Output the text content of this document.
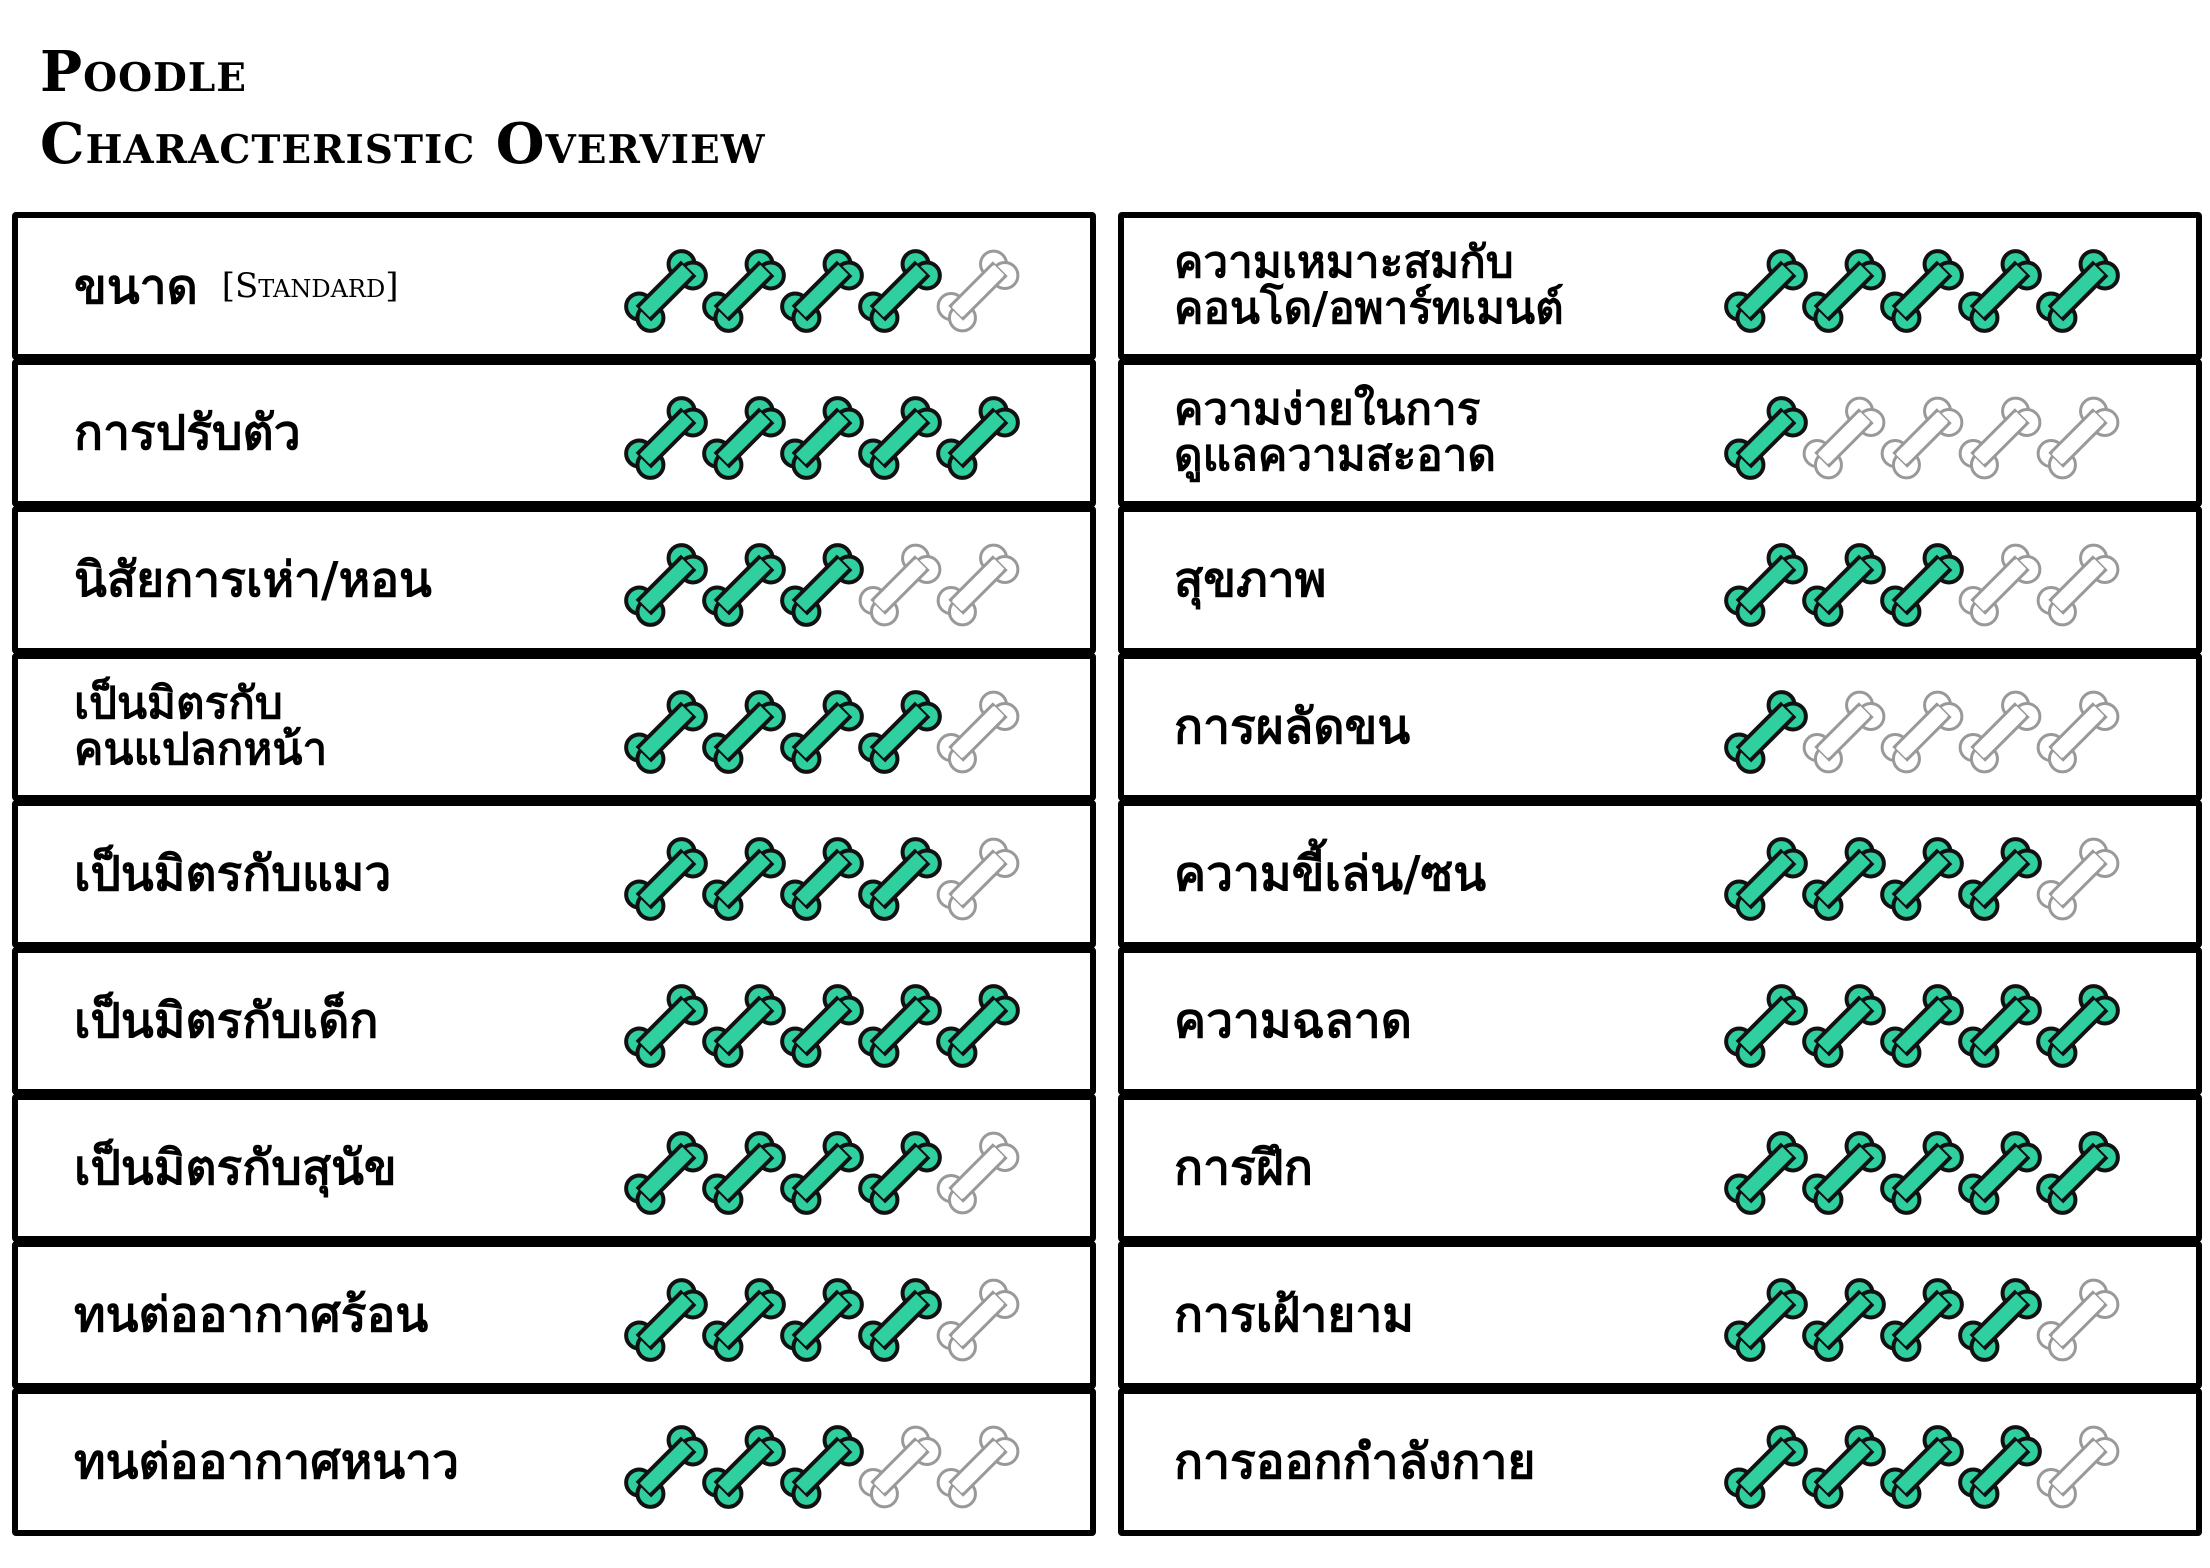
Poodle
Characteristic Overview
ขนาด [Standard]
การปรับตัว
นิสัยการเห่า/หอน
เป็นมิตรกับ
คนแปลกหน้า
เป็นมิตรกับแมว
เป็นมิตรกับเด็ก
เป็นมิตรกับสุนัข
ทนต่ออากาศร้อน
ทนต่ออากาศหนาว
ความเหมาะสมกับ
คอนโด/อพาร์ทเมนต์
ความง่ายในการ
ดูแลความสะอาด
สุขภาพ
การผลัดขน
ความขี้เล่น/ซน
ความฉลาด
การฝึก
การเฝ้ายาม
การออกกำลังกาย
